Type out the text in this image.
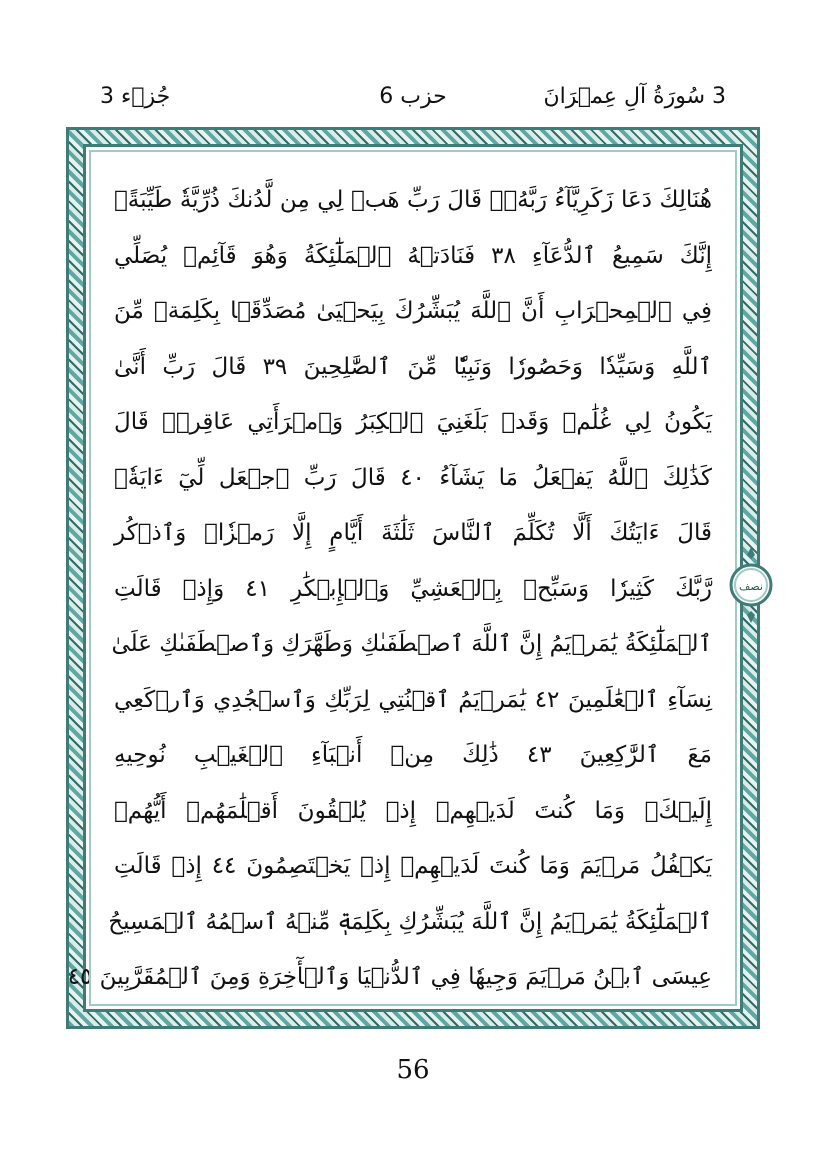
3 سُورَةُ آلِ عِمۡرَانَ
حزب 6
جُزۡء 3
هُنَالِكَ دَعَا زَكَرِيَّآءُ رَبَّهُۥۖ قَالَ رَبِّ هَبۡ لِي مِن لَّدُنكَ ذُرِّيَّةٗ طَيِّبَةًۖ
إِنَّكَ سَمِيعُ ٱلدُّعَآءِ ٣٨ فَنَادَتۡهُ ٱلۡمَلَٰٓئِكَةُ وَهُوَ قَآئِمٞ يُصَلِّي
فِي ٱلۡمِحۡرَابِ أَنَّ ٱللَّهَ يُبَشِّرُكَ بِيَحۡيَىٰ مُصَدِّقَۢا بِكَلِمَةٖ مِّنَ
ٱللَّهِ وَسَيِّدٗا وَحَصُورٗا وَنَبِيّٗا مِّنَ ٱلصَّٰلِحِينَ ٣٩ قَالَ رَبِّ أَنَّىٰ
يَكُونُ لِي غُلَٰمٞ وَقَدۡ بَلَغَنِيَ ٱلۡكِبَرُ وَٱمۡرَأَتِي عَاقِرٞۖ قَالَ
كَذَٰلِكَ ٱللَّهُ يَفۡعَلُ مَا يَشَآءُ ٤٠ قَالَ رَبِّ ٱجۡعَل لِّيٓ ءَايَةٗۖ
قَالَ ءَايَتُكَ أَلَّا تُكَلِّمَ ٱلنَّاسَ ثَلَٰثَةَ أَيَّامٍ إِلَّا رَمۡزٗاۗ وَٱذۡكُر
رَّبَّكَ كَثِيرٗا وَسَبِّحۡ بِٱلۡعَشِيِّ وَٱلۡإِبۡكَٰرِ ٤١ وَإِذۡ قَالَتِ
ٱلۡمَلَٰٓئِكَةُ يَٰمَرۡيَمُ إِنَّ ٱللَّهَ ٱصۡطَفَىٰكِ وَطَهَّرَكِ وَٱصۡطَفَىٰكِ عَلَىٰ
نِسَآءِ ٱلۡعَٰلَمِينَ ٤٢ يَٰمَرۡيَمُ ٱقۡنُتِي لِرَبِّكِ وَٱسۡجُدِي وَٱرۡكَعِي
مَعَ ٱلرَّٰكِعِينَ ٤٣ ذَٰلِكَ مِنۡ أَنۢبَآءِ ٱلۡغَيۡبِ نُوحِيهِ
إِلَيۡكَۚ وَمَا كُنتَ لَدَيۡهِمۡ إِذۡ يُلۡقُونَ أَقۡلَٰمَهُمۡ أَيُّهُمۡ
يَكۡفُلُ مَرۡيَمَ وَمَا كُنتَ لَدَيۡهِمۡ إِذۡ يَخۡتَصِمُونَ ٤٤ إِذۡ قَالَتِ
ٱلۡمَلَٰٓئِكَةُ يَٰمَرۡيَمُ إِنَّ ٱللَّهَ يُبَشِّرُكِ بِكَلِمَةٖ مِّنۡهُ ٱسۡمُهُ ٱلۡمَسِيحُ
عِيسَى ٱبۡنُ مَرۡيَمَ وَجِيهٗا فِي ٱلدُّنۡيَا وَٱلۡأٓخِرَةِ وَمِنَ ٱلۡمُقَرَّبِينَ ٤٥
نصف
56
